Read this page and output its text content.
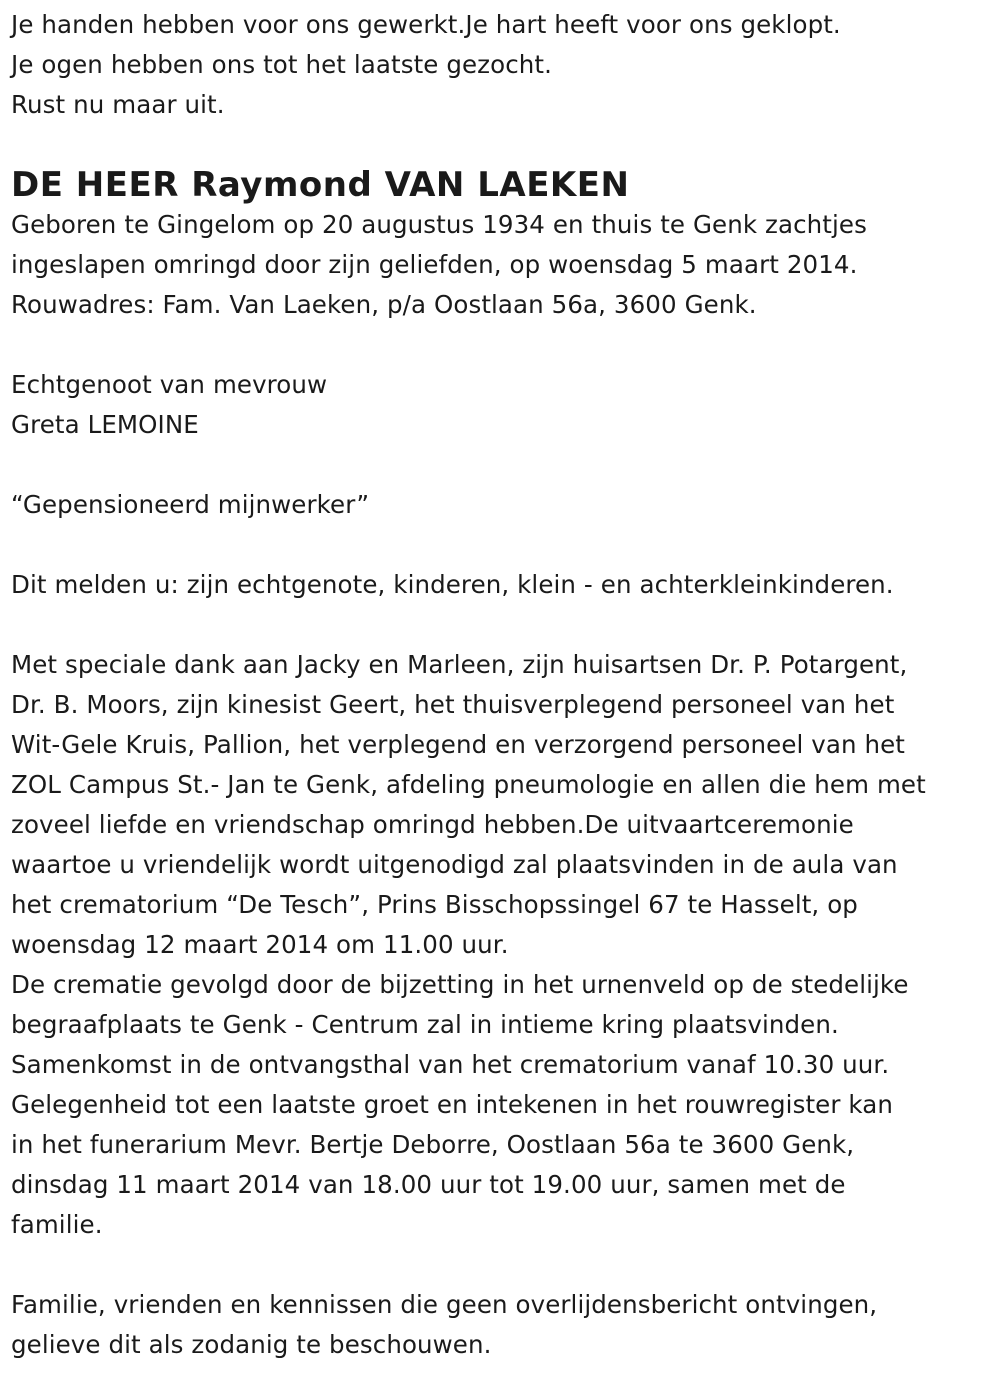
Je handen hebben voor ons gewerkt.Je hart heeft voor ons geklopt.
Je ogen hebben ons tot het laatste gezocht.
Rust nu maar uit.
DE HEER Raymond VAN LAEKEN
Geboren te Gingelom op 20 augustus 1934 en thuis te Genk zachtjes
ingeslapen omringd door zijn geliefden, op woensdag 5 maart 2014.
Rouwadres: Fam. Van Laeken, p/a Oostlaan 56a, 3600 Genk.
Echtgenoot van mevrouw
Greta LEMOINE
“Gepensioneerd mijnwerker”
Dit melden u: zijn echtgenote, kinderen, klein - en achterkleinkinderen.
Met speciale dank aan Jacky en Marleen, zijn huisartsen Dr. P. Potargent,
Dr. B. Moors, zijn kinesist Geert, het thuisverplegend personeel van het
Wit-Gele Kruis, Pallion, het verplegend en verzorgend personeel van het
ZOL Campus St.- Jan te Genk, afdeling pneumologie en allen die hem met
zoveel liefde en vriendschap omringd hebben.De uitvaartceremonie
waartoe u vriendelijk wordt uitgenodigd zal plaatsvinden in de aula van
het crematorium “De Tesch”, Prins Bisschopssingel 67 te Hasselt, op
woensdag 12 maart 2014 om 11.00 uur.
De crematie gevolgd door de bijzetting in het urnenveld op de stedelijke
begraafplaats te Genk - Centrum zal in intieme kring plaatsvinden.
Samenkomst in de ontvangsthal van het crematorium vanaf 10.30 uur.
Gelegenheid tot een laatste groet en intekenen in het rouwregister kan
in het funerarium Mevr. Bertje Deborre, Oostlaan 56a te 3600 Genk,
dinsdag 11 maart 2014 van 18.00 uur tot 19.00 uur, samen met de
familie.
Familie, vrienden en kennissen die geen overlijdensbericht ontvingen,
gelieve dit als zodanig te beschouwen.
